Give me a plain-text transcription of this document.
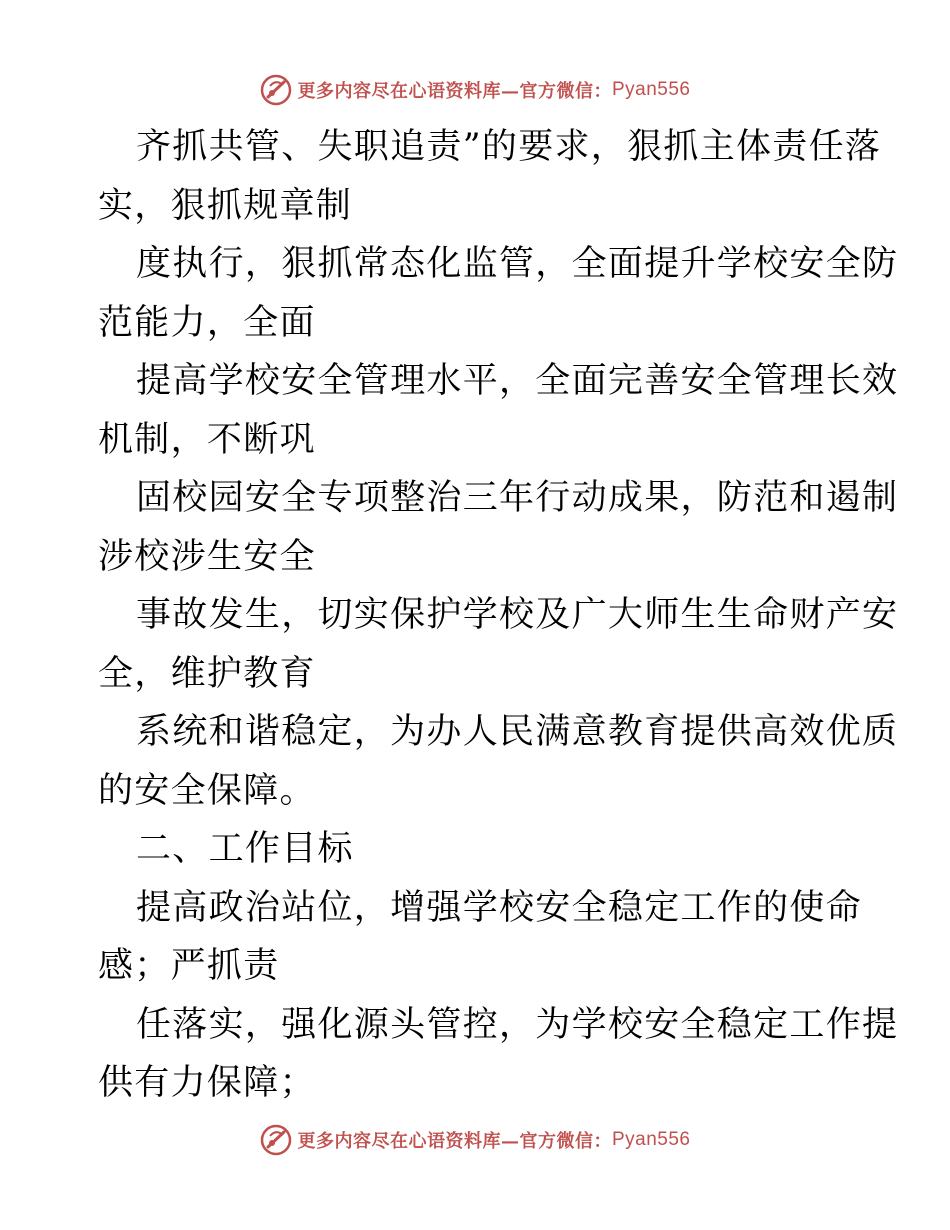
更多内容尽在心语资料库—官方微信： Pyan556
齐抓共管、失职追责”的要求，狠抓主体责任落
实，狠抓规章制
度执行，狠抓常态化监管，全面提升学校安全防
范能力，全面
提高学校安全管理水平，全面完善安全管理长效
机制，不断巩
固校园安全专项整治三年行动成果，防范和遏制
涉校涉生安全
事故发生，切实保护学校及广大师生生命财产安
全，维护教育
系统和谐稳定，为办人民满意教育提供高效优质
的安全保障。
二、工作目标
提高政治站位，增强学校安全稳定工作的使命
感；严抓责
任落实，强化源头管控，为学校安全稳定工作提
供有力保障；
更多内容尽在心语资料库—官方微信： Pyan556
